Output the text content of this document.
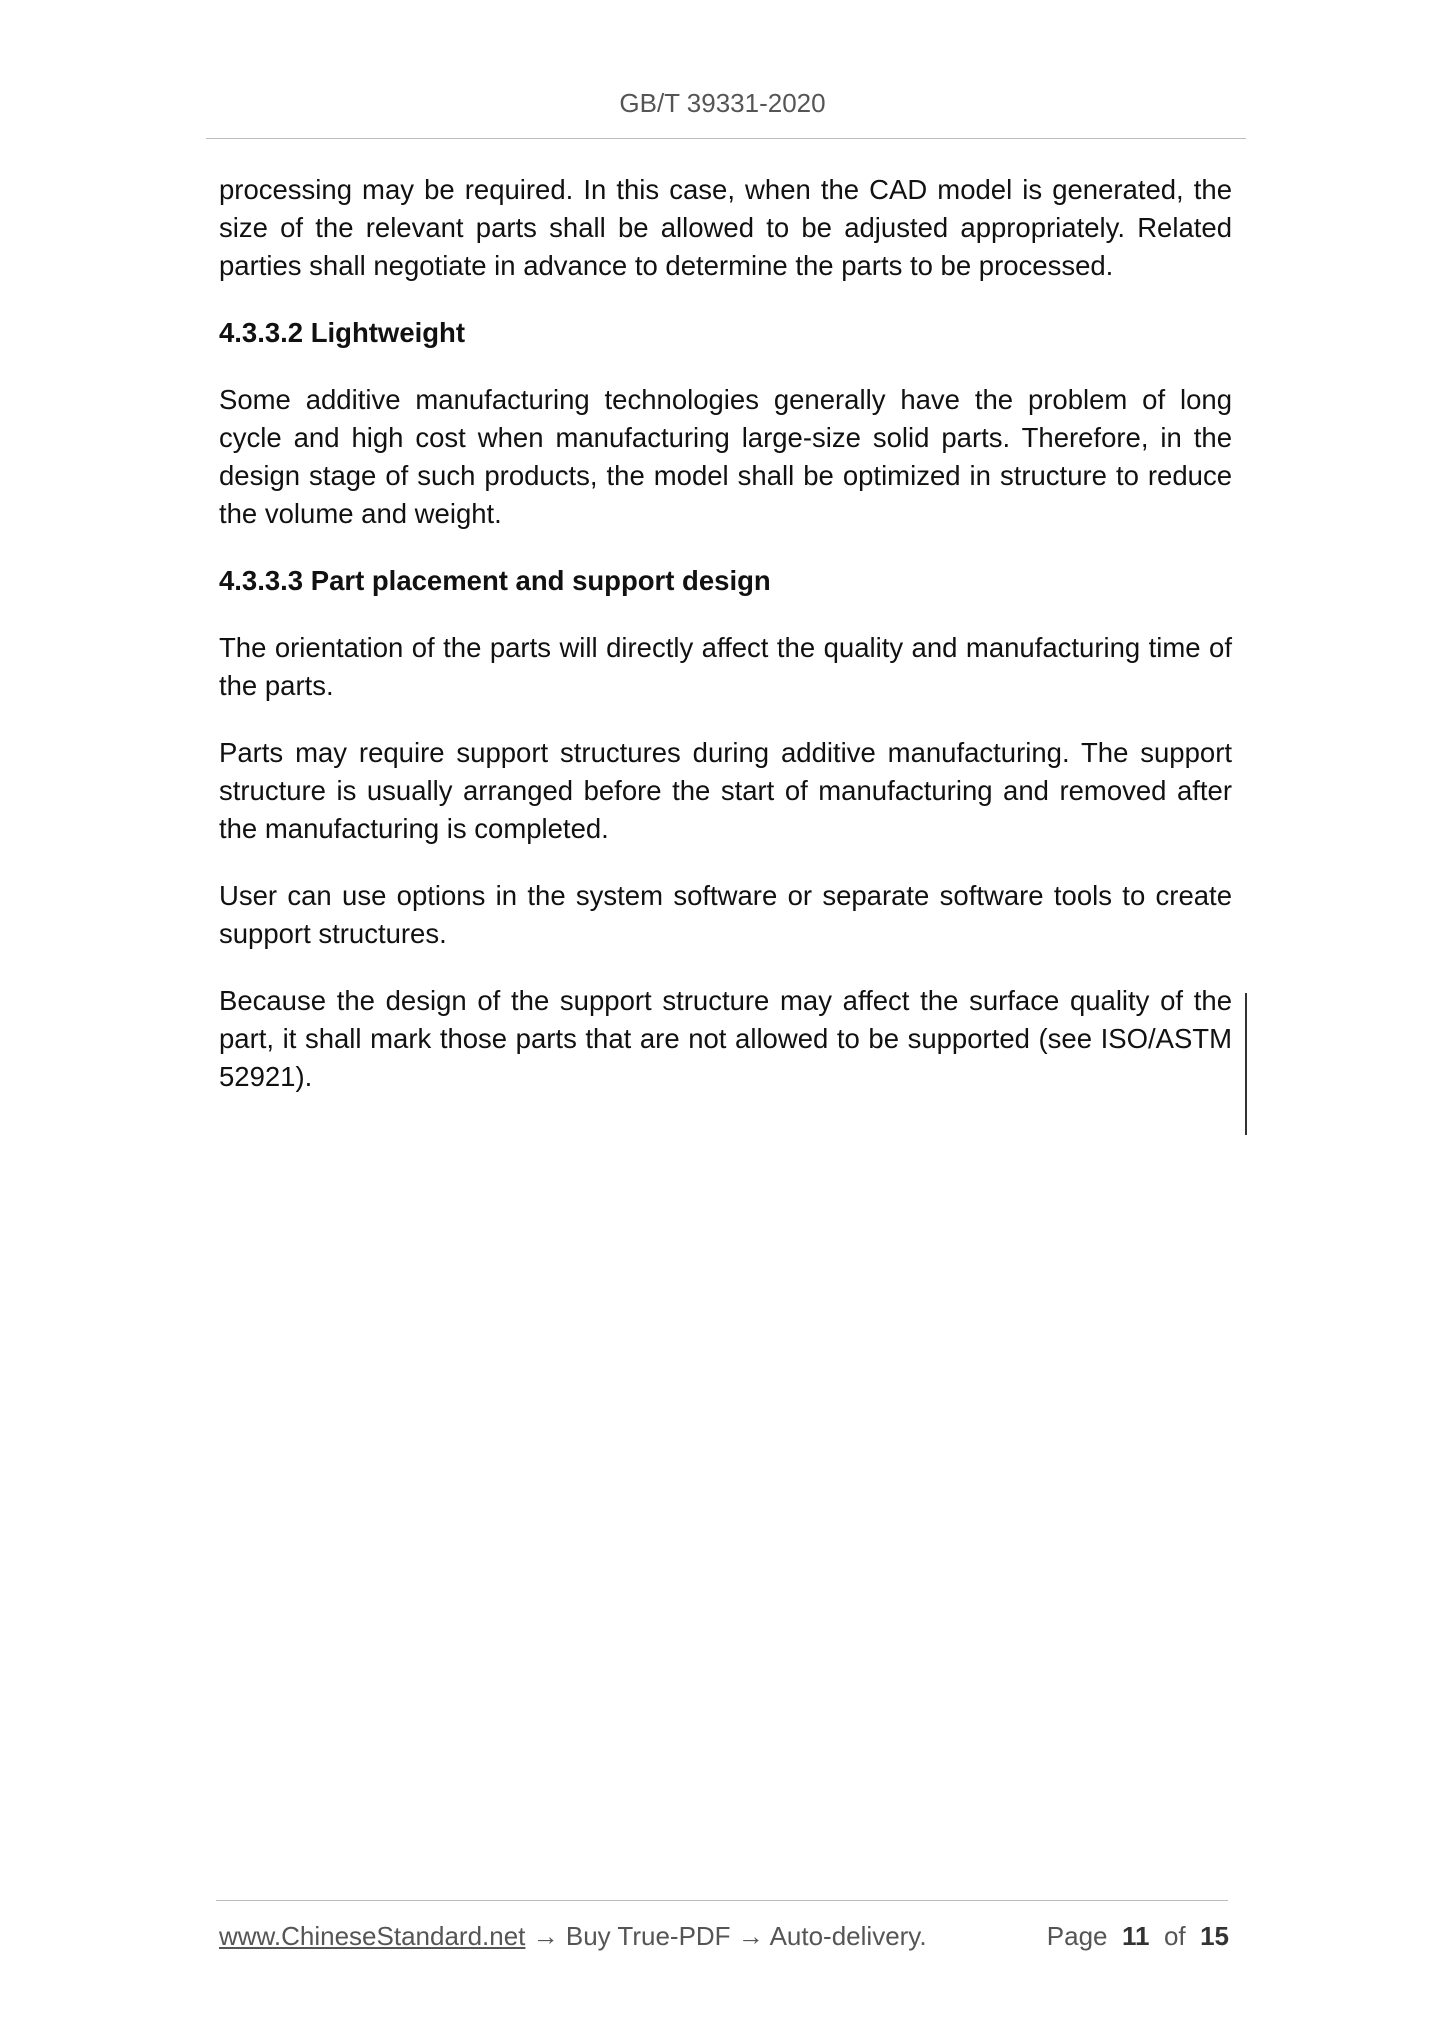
GB/T 39331-2020

processing may be required. In this case, when the CAD model is generated, the size of the relevant parts shall be allowed to be adjusted appropriately. Related parties shall negotiate in advance to determine the parts to be processed.

4.3.3.2 Lightweight

Some additive manufacturing technologies generally have the problem of long cycle and high cost when manufacturing large-size solid parts. Therefore, in the design stage of such products, the model shall be optimized in structure to reduce the volume and weight.

4.3.3.3 Part placement and support design

The orientation of the parts will directly affect the quality and manufacturing time of the parts.

Parts may require support structures during additive manufacturing. The support structure is usually arranged before the start of manufacturing and removed after the manufacturing is completed.

User can use options in the system software or separate software tools to create support structures.

Because the design of the support structure may affect the surface quality of the part, it shall mark those parts that are not allowed to be supported (see ISO/ASTM 52921).

www.ChineseStandard.net → Buy True-PDF → Auto-delivery.	Page 11 of 15
